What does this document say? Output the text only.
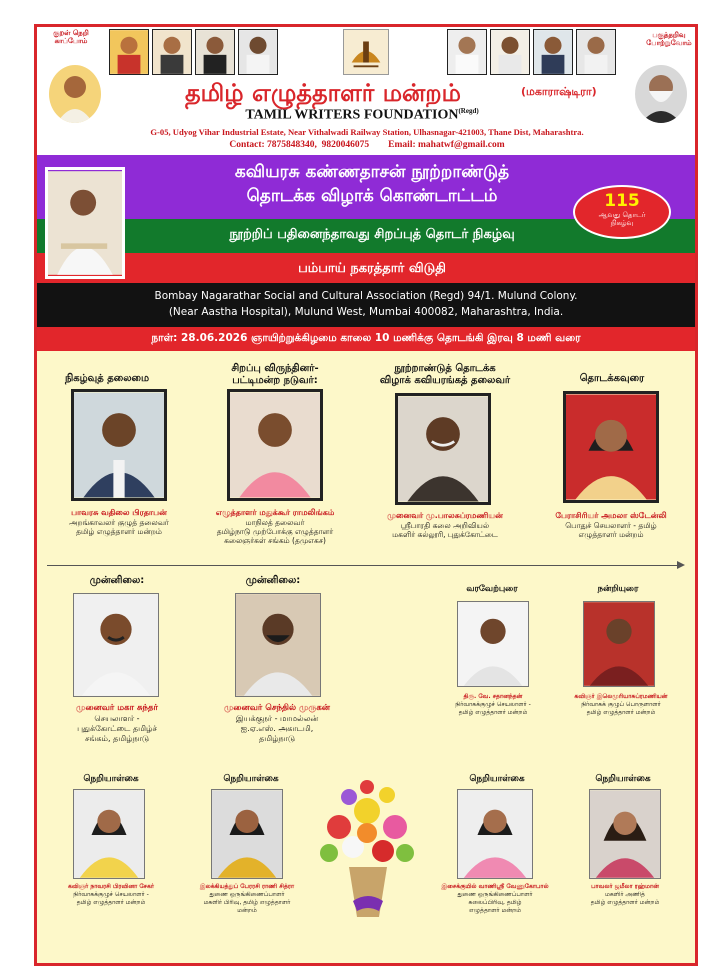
குறள் நெறி காப்போம்
பகுத்தறிவு போற்றுவோம்
தமிழ் எழுத்தாளர் மன்றம்	(மகாராஷ்டிரா)
TAMIL WRITERS $FOUNDATION^{(Regd)}$
G-05, Udyog Vihar Industrial Estate, Near Vithalwadi Railway Station, Ulhasnagar-421003, Thane Dist, Maharashtra.
Contact: 7875848340,  9820046075        Email: mahatwf@gmail.com
கவியரசு கண்ணதாசன் நூற்றாண்டுத்
தொடக்க விழாக் கொண்டாட்டம்	115
ஆவது தொடர்
நிகழ்வு
நூற்றிப் பதினைந்தாவது சிறப்புத் தொடர் நிகழ்வு
பம்பாய் நகரத்தார் விடுதி
Bombay Nagarathar Social and Cultural Association (Regd) 94/1. Mulund Colony.
(Near Aastha Hospital), Mulund West, Mumbai 400082, Maharashtra, India.
நாள்: 28.06.2026 ஞாயிற்றுக்கிழமை காலை 10 மணிக்கு தொடங்கி இரவு 8 மணி வரை
நிகழ்வுத் தலைமை
பாவரசு வதிலை பிரதாபன்
அறங்காவலர் குழுத் தலைவர்
தமிழ் எழுத்தாளர் மன்றம்
சிறப்பு விருந்தினர்-
பட்டிமன்ற நடுவர்:
எழுத்தாளர் மதுக்கூர் ராமலிங்கம்
மாநிலத் தலைவர்
தமிழ்நாடு முற்போக்கு எழுத்தாளர்
கலைஞர்கள் சங்கம் (தமுஎகச)
நூற்றாண்டுத் தொடக்க
விழாக் கவியரங்கத் தலைவர்
முனைவர் மு.பாலசுப்ரமணியன்
ஸ்ரீபாரதி கலை அறிவியல்
மகளிர் கல்லூரி, புதுக்கோட்டை
தொடக்கவுரை
பேராசிரியர் அமலா ஸ்டேன்லி
பொதுச் செயலாளர் - தமிழ்
எழுத்தாளர் மன்றம்
முன்னிலை:
முனைவர் மகா சுந்தர்
செயலாளர் -
புதுக்கோட்டை தமிழ்ச்
சங்கம், தமிழ்நாடு
முன்னிலை:
முனைவர் செந்தில் முருகன்
இயக்குநர் - மாமல்லன்
ஐ.ஏ.எஸ். அகாடமி,
தமிழ்நாடு
வரவேற்புரை
திரு. வே. சதானந்தன்
நிர்வாகக்குழுச் செயலாளர் -
தமிழ் எழுத்தாளர் மன்றம்
நன்றியுரை
கவிஞர் இலெமூரியாசுப்ரமணியன்
நிர்வாகக் குழுப் பொருளாளர்
தமிழ் எழுத்தாளர் மன்றம்
நெறியாள்கை
கவிஞர் நாவரசி பிரவினா சேகர்
நிர்வாகக்குழுச் செயலாளர் -
தமிழ் எழுத்தாளர் மன்றம்
நெறியாள்கை
இலக்கியத்துப் பேரரசி ராணி சித்ரா
துணை ஒருங்கிணைப்பாளர்
மகளிர் பிரிவு, தமிழ் எழுத்தாளர்
மன்றம்
நெறியாள்கை
இசைக்குயில் வாணிஸ்ரீ வேணுகோபால்
துணை ஒருங்கிணைப்பாளர்
கலைப்பிரிவு, தமிழ்
எழுத்தாளர் மன்றம்
நெறியாள்கை
பாவலர் ஜமீலா ரஹ்மான்
மகளிர் அணித்
தமிழ் எழுத்தாளர் மன்றம்
